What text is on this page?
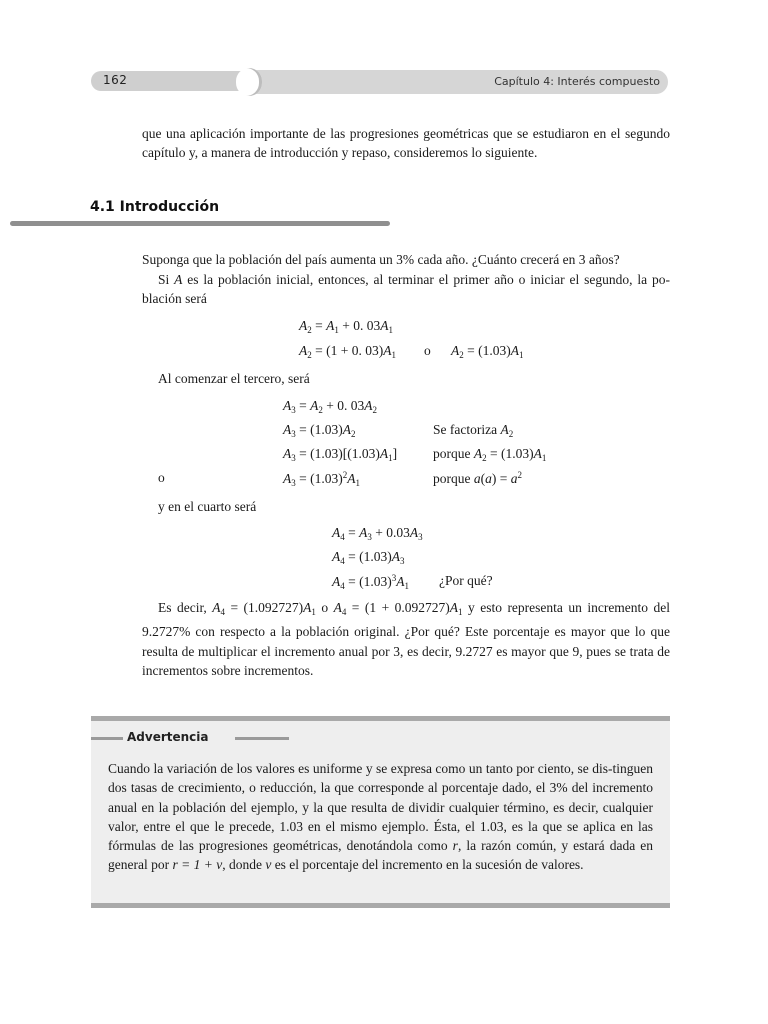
162	Capítulo 4: Interés compuesto
que una aplicación importante de las progresiones geométricas que se estudiaron en el segundo capítulo y, a manera de introducción y repaso, consideremos lo siguiente.
4.1 Introducción
Suponga que la población del país aumenta un 3% cada año. ¿Cuánto crecerá en 3 años?
Si A es la población inicial, entonces, al terminar el primer año o iniciar el segundo, la po-blación será
$A_2 = A_1 + 0$. $03A_1$
$A_2 = (1 + 0$. $03)A_1$ o $A_2 = (1.03)A_1$
Al comenzar el tercero, será
$A_3 = A_2 + 0$. $03A_2$
$A_3 = (1.03)A_2$	Se factoriza $A_2$
$A_3 = (1.03)[(1.03)A_1]$	porque $A_2 = (1.03)A_1$
o	$A_3 = (1.03)^2A_1$	porque $a(a) = a^2$
y en el cuarto será
$A_4 = A_3 + 0.03A_3$
$A_4 = (1.03)A_3$
$A_4 = (1.03)^3A_1$ ¿Por qué?
Es decir, $A_4 = (1.092727)A_1$ o $A_4 = (1 + 0.092727)A_1$ y esto representa un incremento del 9.2727% con respecto a la población original. ¿Por qué? Este porcentaje es mayor que lo que resulta de multiplicar el incremento anual por 3, es decir, 9.2727 es mayor que 9, pues se trata de incrementos sobre incrementos.
Advertencia
Cuando la variación de los valores es uniforme y se expresa como un tanto por ciento, se dis-tinguen dos tasas de crecimiento, o reducción, la que corresponde al porcentaje dado, el 3% del incremento anual en la población del ejemplo, y la que resulta de dividir cualquier término, es decir, cualquier valor, entre el que le precede, 1.03 en el mismo ejemplo. Ésta, el 1.03, es la que se aplica en las fórmulas de las progresiones geométricas, denotándola como r, la razón común, y estará dada en general por r = 1 + v, donde v es el porcentaje del incremento en la sucesión de valores.
